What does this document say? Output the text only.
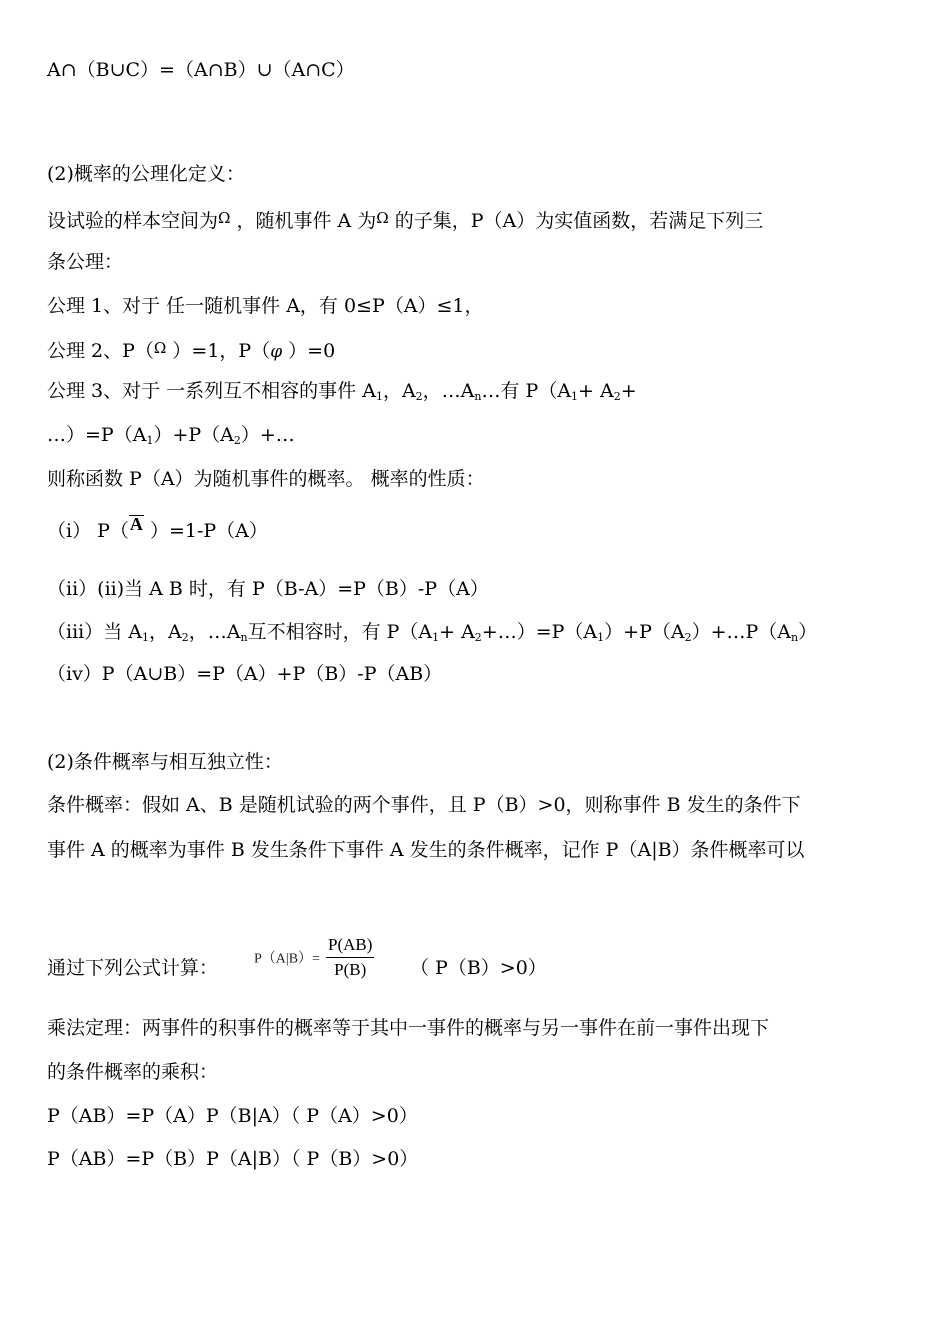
A∩（B∪C）=（A∩B）∪（A∩C）
(2)概率的公理化定义：
设试验的样本空间为$^\Omega$ ，随机事件 A 为$^\Omega$ 的子集，P（A）为实值函数，若满足下列三
条公理：
公理 1、对于 任一随机事件 A，有 0≤P（A）≤1，
公理 2、P（$^\Omega$ ）=1，P（φ ）=0
公理 3、对于 一系列互不相容的事件 $A_1$，$A_2$，$\dots A_n\dots$有 $P(A_1+ A_2+$
$\dots)=P(A_1)+P(A_2)+\dots$
则称函数 P（A）为随机事件的概率。 概率的性质：
（i） P（A ）=1-P（A）
（ii）(ii)当 A B 时，有 P（B-A）=P（B）-P（A）
（iii）当 $A_1$，$A_2$，$\dots A_n$互不相容时，有 $P(A_1+$ $A_2+\dots)=P(A_1)+P(A_2)+\dots P(A_n)$
（iv）P（A∪B）=P（A）+P（B）-P（AB）
(2)条件概率与相互独立性：
条件概率：假如 A、B 是随机试验的两个事件，且 P（B）>0，则称事件 B 发生的条件下
事件 A 的概率为事件 B 发生条件下事件 A 发生的条件概率，记作 P（A|B）条件概率可以
通过下列公式计算：	$P(A|B)= \frac{P(AB)}{P(B)}$ （ P（B）>0）
乘法定理：两事件的积事件的概率等于其中一事件的概率与另一事件在前一事件出现下
的条件概率的乘积：
P（AB）=P（A）P（B|A）（ P（A）>0）
P（AB）=P（B）P（A|B）（ P（B）>0）
